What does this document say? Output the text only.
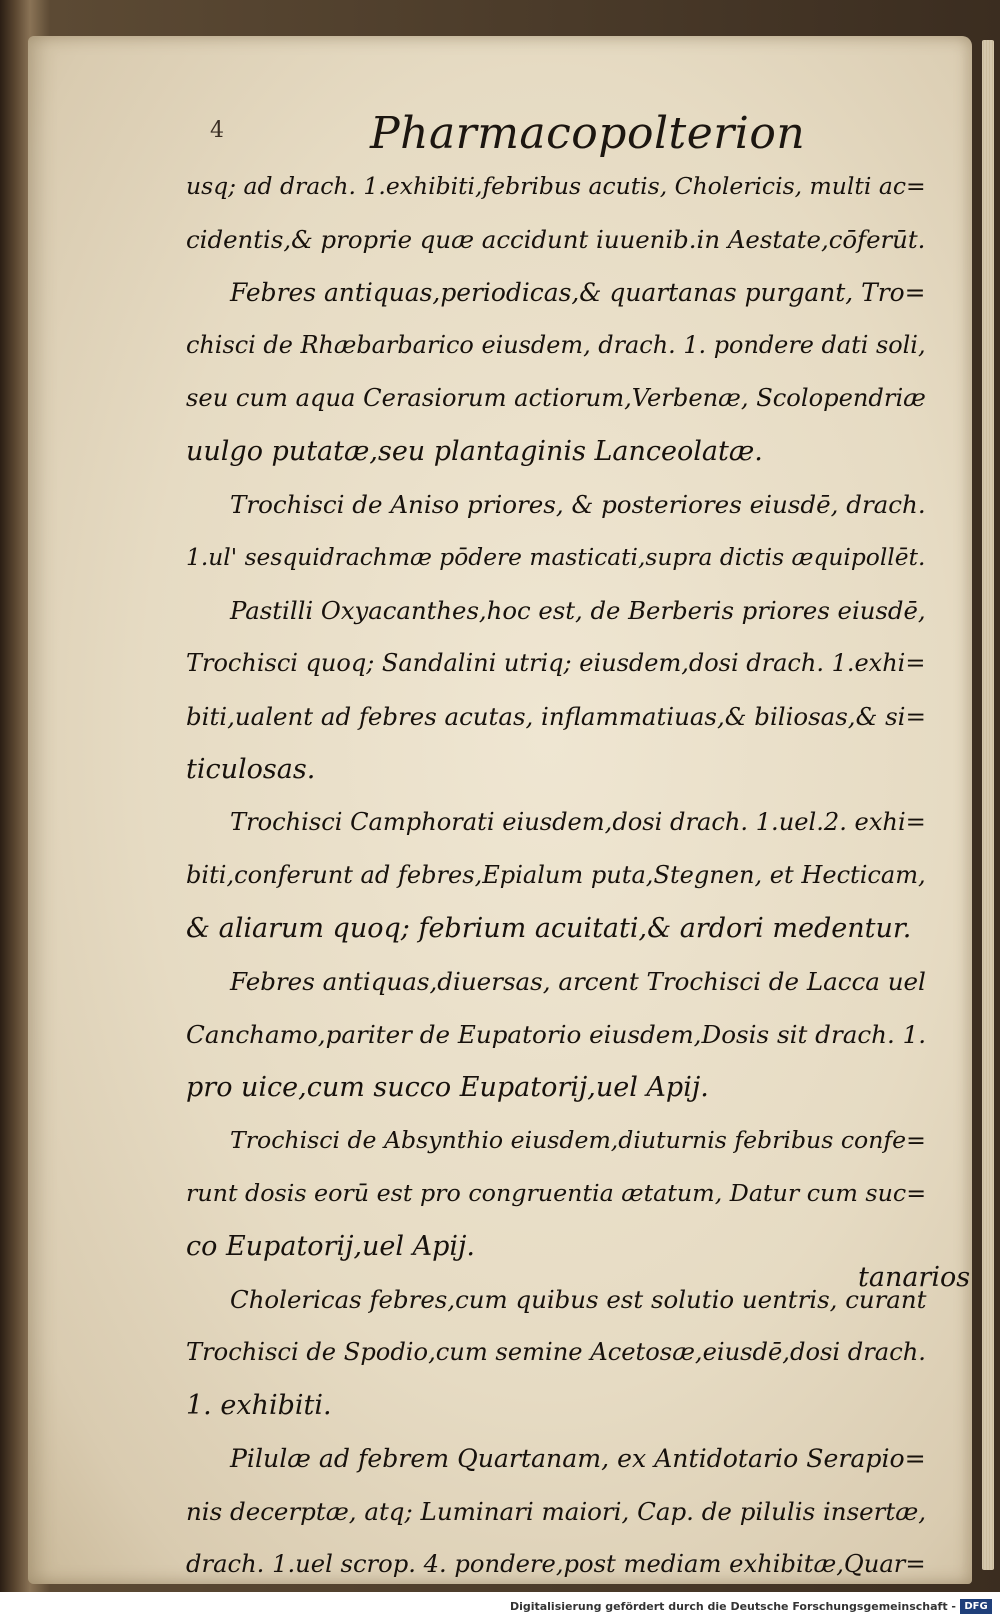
4	Pharmacopolterion
usq; ad drach. 1.exhibiti,febribus acutis, Cholericis, multi ac=
cidentis,& proprie quæ accidunt iuuenib.in Aestate,cōferūt.
Febres antiquas,periodicas,& quartanas purgant, Tro=
chisci de Rhæbarbarico eiusdem, drach. 1. pondere dati soli,
seu cum aqua Cerasiorum actiorum,Verbenæ, Scolopendriæ
uulgo putatæ,seu plantaginis Lanceolatæ.
Trochisci de Aniso priores, & posteriores eiusdē, drach.
1.ul' sesquidrachmæ pōdere masticati,supra dictis æquipollēt.
Pastilli Oxyacanthes,hoc est, de Berberis priores eiusdē,
Trochisci quoq; Sandalini utriq; eiusdem,dosi drach. 1.exhi=
biti,ualent ad febres acutas, inflammatiuas,& biliosas,& si=
ticulosas.
Trochisci Camphorati eiusdem,dosi drach. 1.uel.2. exhi=
biti,conferunt ad febres,Epialum puta,Stegnen, et Hecticam,
& aliarum quoq; febrium acuitati,& ardori medentur.
Febres antiquas,diuersas, arcent Trochisci de Lacca uel
Canchamo,pariter de Eupatorio eiusdem,Dosis sit drach. 1.
pro uice,cum succo Eupatorij,uel Apij.
Trochisci de Absynthio eiusdem,diuturnis febribus confe=
runt dosis eorū est pro congruentia ætatum, Datur cum suc=
co Eupatorij,uel Apij.
Cholericas febres,cum quibus est solutio uentris, curant
Trochisci de Spodio,cum semine Acetosæ,eiusdē,dosi drach.
1. exhibiti.
Pilulæ ad febrem Quartanam, ex Antidotario Serapio=
nis decerptæ, atq; Luminari maiori, Cap. de pilulis insertæ,
drach. 1.uel scrop. 4. pondere,post mediam exhibitæ,Quar=
tanarios
Digitalisierung gefördert durch die Deutsche Forschungsgemeinschaft - DFG
